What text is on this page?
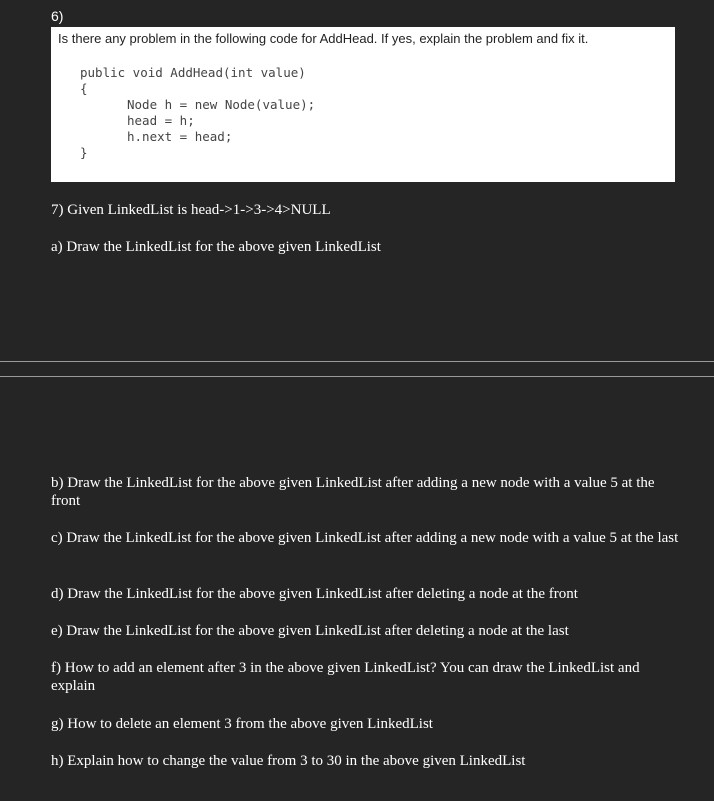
6)
Is there any problem in the following code for AddHead. If yes, explain the problem and fix it.
public void AddHead(int value)
{
Node h = new Node(value);
head = h;
h.next = head;
}
7) Given LinkedList is head->1->3->4>NULL
a) Draw the LinkedList for the above given LinkedList
b) Draw the LinkedList for the above given LinkedList after adding a new node with a value 5 at the front
c) Draw the LinkedList for the above given LinkedList after adding a new node with a value 5 at the last
d) Draw the LinkedList for the above given LinkedList after deleting a node at the front
e) Draw the LinkedList for the above given LinkedList after deleting a node at the last
f) How to add an element after 3 in the above given LinkedList? You can draw the LinkedList and explain
g) How to delete an element 3 from the above given LinkedList
h) Explain how to change the value from 3 to 30 in the above given LinkedList
